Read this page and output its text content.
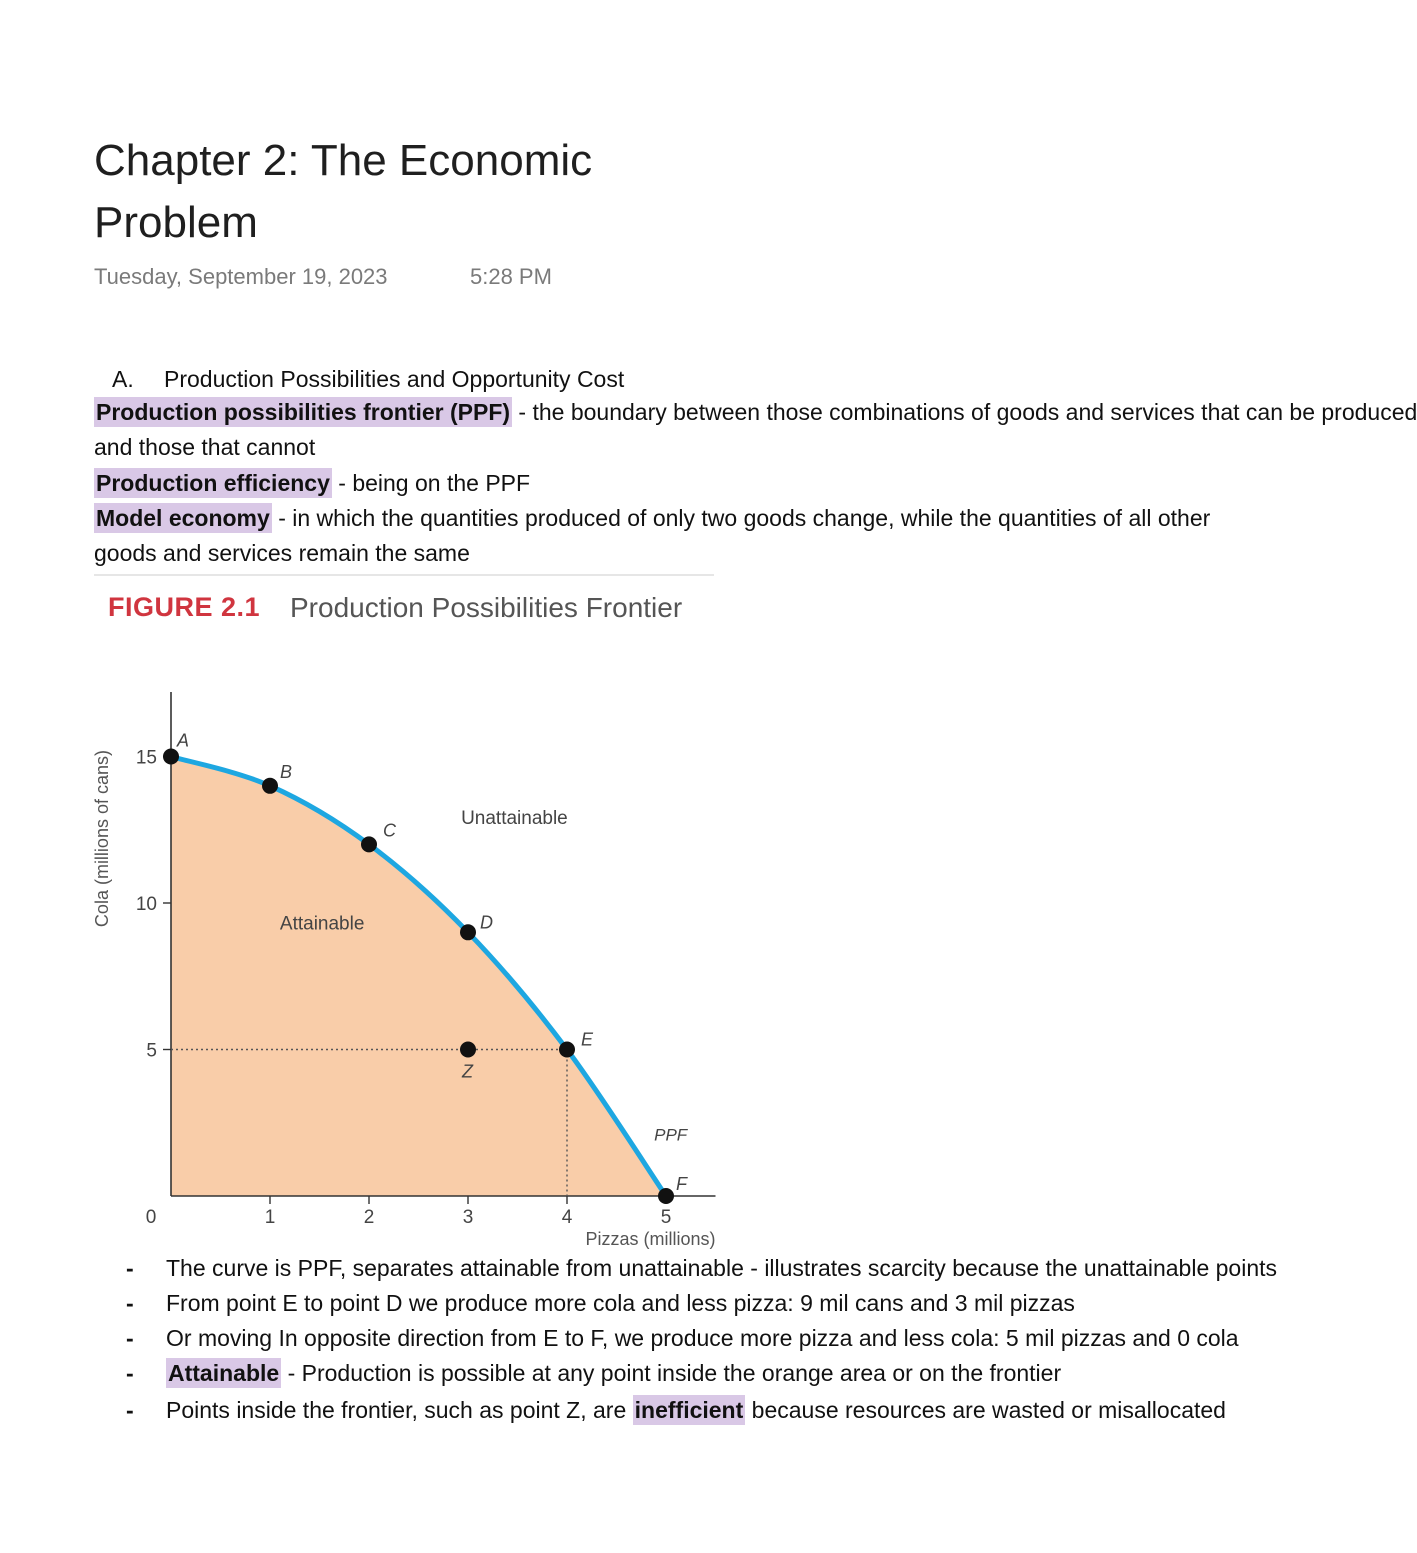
Chapter 2: The Economic Problem
Tuesday, September 19, 2023	5:28 PM
A. Production Possibilities and Opportunity Cost
Production possibilities frontier (PPF) - the boundary between those combinations of goods and services that can be produced
and those that cannot
Production efficiency - being on the PPF
Model economy - in which the quantities produced of only two goods change, while the quantities of all other
goods and services remain the same
FIGURE 2.1 Production Possibilities Frontier
1	2	3	4	5
5
10
15
0
Pizzas (millions)
Cola (millions of cans)
A
B
C
D
E
F
Z
PPF
Attainable
Unattainable
- The curve is PPF, separates attainable from unattainable - illustrates scarcity because the unattainable points
- From point E to point D we produce more cola and less pizza: 9 mil cans and 3 mil pizzas
- Or moving In opposite direction from E to F, we produce more pizza and less cola: 5 mil pizzas and 0 cola
- Attainable - Production is possible at any point inside the orange area or on the frontier
- Points inside the frontier, such as point Z, are inefficient because resources are wasted or misallocated
